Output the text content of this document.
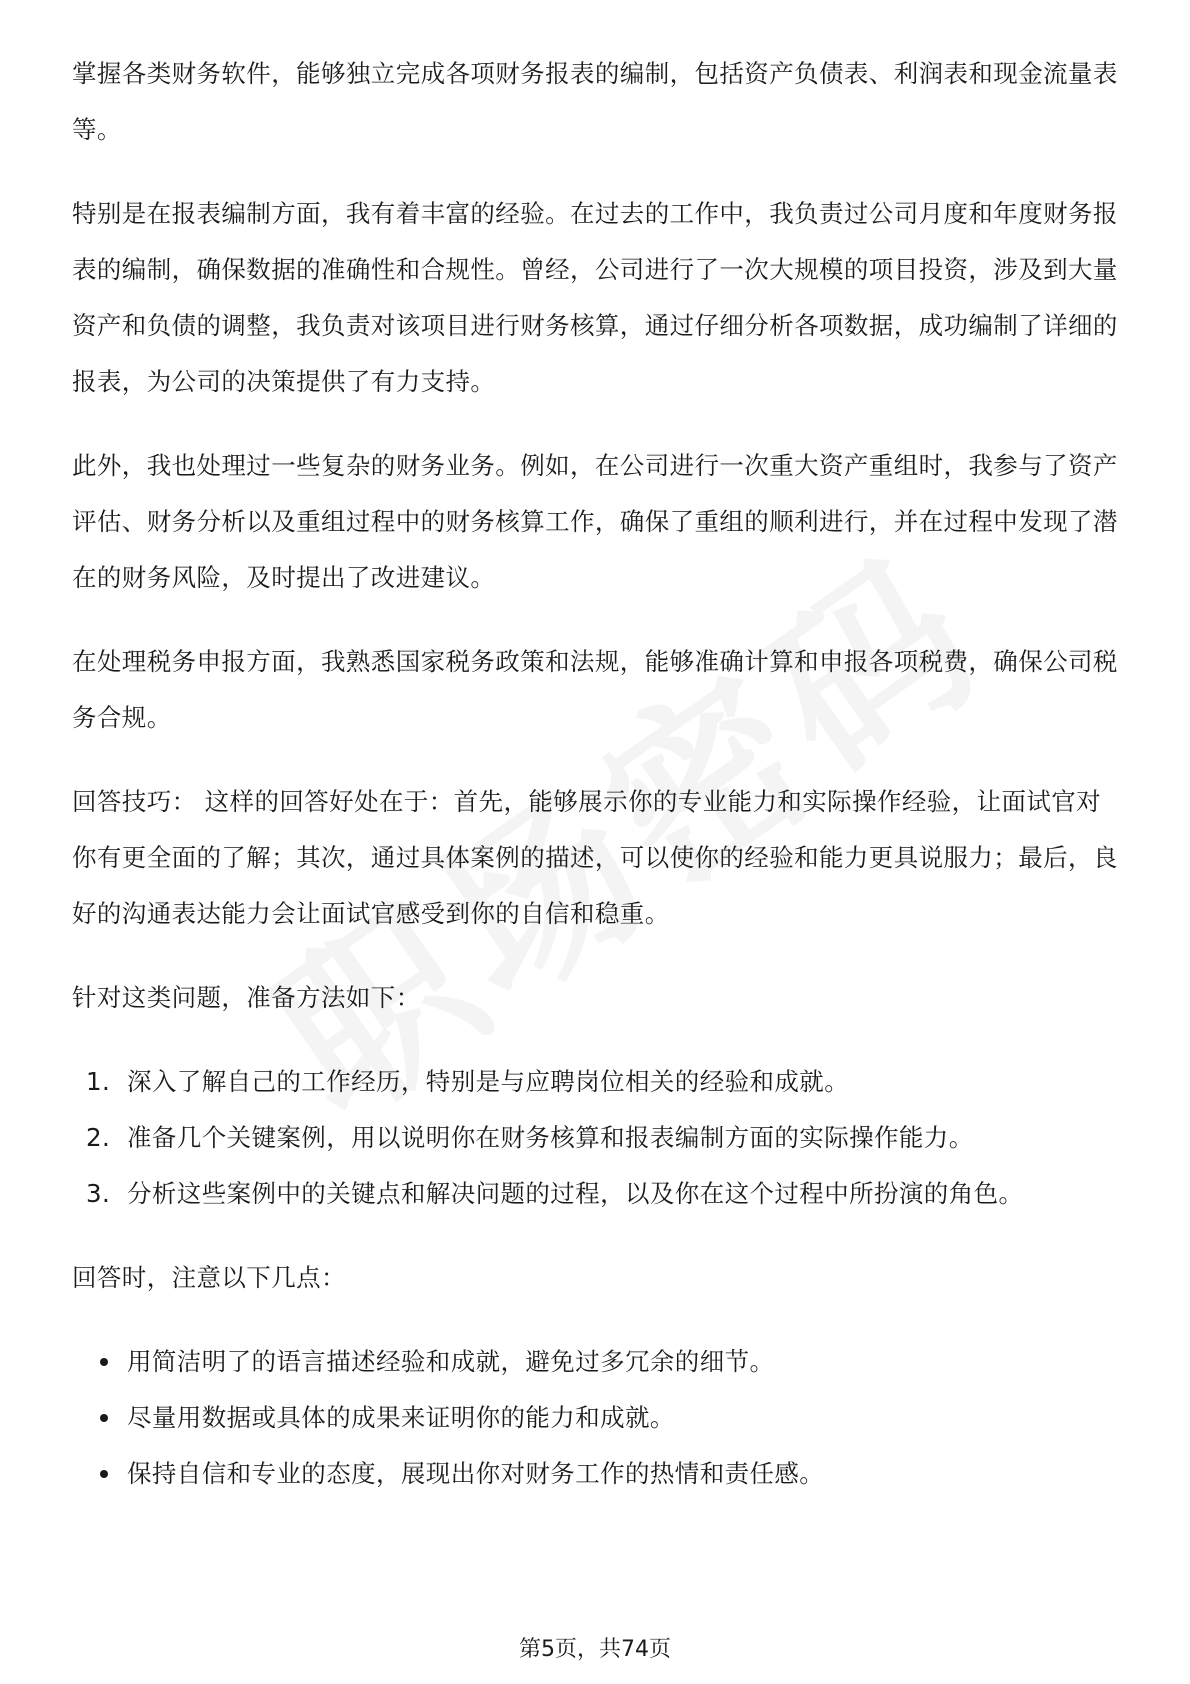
掌握各类财务软件，能够独立完成各项财务报表的编制，包括资产负债表、利润表和现金流量表等。

特别是在报表编制方面，我有着丰富的经验。在过去的工作中，我负责过公司月度和年度财务报表的编制，确保数据的准确性和合规性。曾经，公司进行了一次大规模的项目投资，涉及到大量资产和负债的调整，我负责对该项目进行财务核算，通过仔细分析各项数据，成功编制了详细的报表，为公司的决策提供了有力支持。

此外，我也处理过一些复杂的财务业务。例如，在公司进行一次重大资产重组时，我参与了资产评估、财务分析以及重组过程中的财务核算工作，确保了重组的顺利进行，并在过程中发现了潜在的财务风险，及时提出了改进建议。

在处理税务申报方面，我熟悉国家税务政策和法规，能够准确计算和申报各项税费，确保公司税务合规。

回答技巧： 这样的回答好处在于：首先，能够展示你的专业能力和实际操作经验，让面试官对你有更全面的了解；其次，通过具体案例的描述，可以使你的经验和能力更具说服力；最后，良好的沟通表达能力会让面试官感受到你的自信和稳重。

针对这类问题，准备方法如下：

1. 深入了解自己的工作经历，特别是与应聘岗位相关的经验和成就。
2. 准备几个关键案例，用以说明你在财务核算和报表编制方面的实际操作能力。
3. 分析这些案例中的关键点和解决问题的过程，以及你在这个过程中所扮演的角色。

回答时，注意以下几点：

用简洁明了的语言描述经验和成就，避免过多冗余的细节。
尽量用数据或具体的成果来证明你的能力和成就。
保持自信和专业的态度，展现出你对财务工作的热情和责任感。
第5页，共74页
